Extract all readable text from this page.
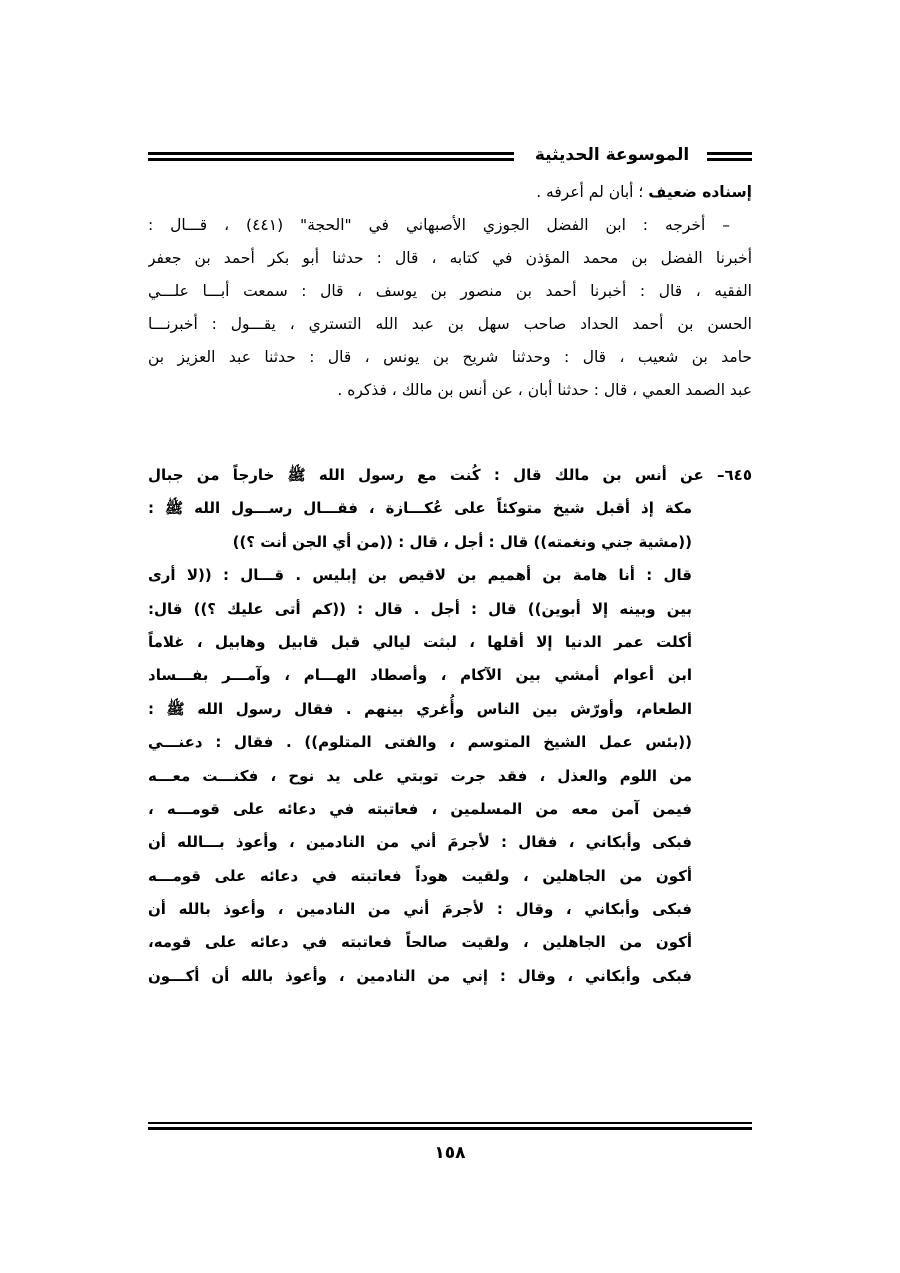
الموسوعة الحديثية
إسناده ضعيف ؛ أبان لم أعرفه .
– أخرجه : ابن الفضل الجوزي الأصبهاني في "الحجة" (٤٤١) ، قـــال :
أخبرنا الفضل بن محمد المؤذن في كتابه ، قال : حدثنا أبو بكر أحمد بن جعفر
الفقيه ، قال : أخبرنا أحمد بن منصور بن يوسف ، قال : سمعت أبـــا علـــي
الحسن بن أحمد الحداد صاحب سهل بن عبد الله التستري ، يقـــول : أخبرنـــا
حامد بن شعيب ، قال : وحدثنا شريح بن يونس ، قال : حدثنا عبد العزيز بن
عبد الصمد العمي ، قال : حدثنا أبان ، عن أنس بن مالك ، فذكره .
٦٤٥– عن أنس بن مالك قال : كُنت مع رسول الله ﷺ خارجاً من جبال
مكة إذ أقبل شيخ متوكئاً على عُكـــازة ، فقـــال رســـول الله ﷺ :
((مشية جني ونغمته)) قال : أجل ، قال : ((من أي الجن أنت ؟))
قال : أنا هامة بن أهميم بن لاقيص بن إبليس . قـــال : ((لا أرى
بين وبينه إلا أبوين)) قال : أجل . قال : ((كم أتى عليك ؟)) قال:
أكلت عمر الدنيا إلا أقلها ، لبثت ليالي قبل قابيل وهابيل ، غلاماً
ابن أعوام أمشي بين الآكام ، وأصطاد الهـــام ، وآمـــر بفـــساد
الطعام، وأورّش بين الناس وأُغري بينهم . فقال رسول الله ﷺ :
((بئس عمل الشيخ المتوسم ، والفتى المتلوم)) . فقال : دعنـــي
من اللوم والعذل ، فقد جرت توبتي على يد نوح ، فكنـــت معـــه
فيمن آمن معه من المسلمين ، فعاتبته في دعائه على قومـــه ،
فبكى وأبكاني ، فقال : لأجرمَ أني من النادمين ، وأعوذ بـــالله أن
أكون من الجاهلين ، ولقيت هوداً فعاتبته في دعائه على قومـــه
فبكى وأبكاني ، وقال : لأجرمَ أني من النادمين ، وأعوذ بالله أن
أكون من الجاهلين ، ولقيت صالحاً فعاتبته في دعائه على قومه،
فبكى وأبكاني ، وقال : إني من النادمين ، وأعوذ بالله أن أكـــون
١٥٨
